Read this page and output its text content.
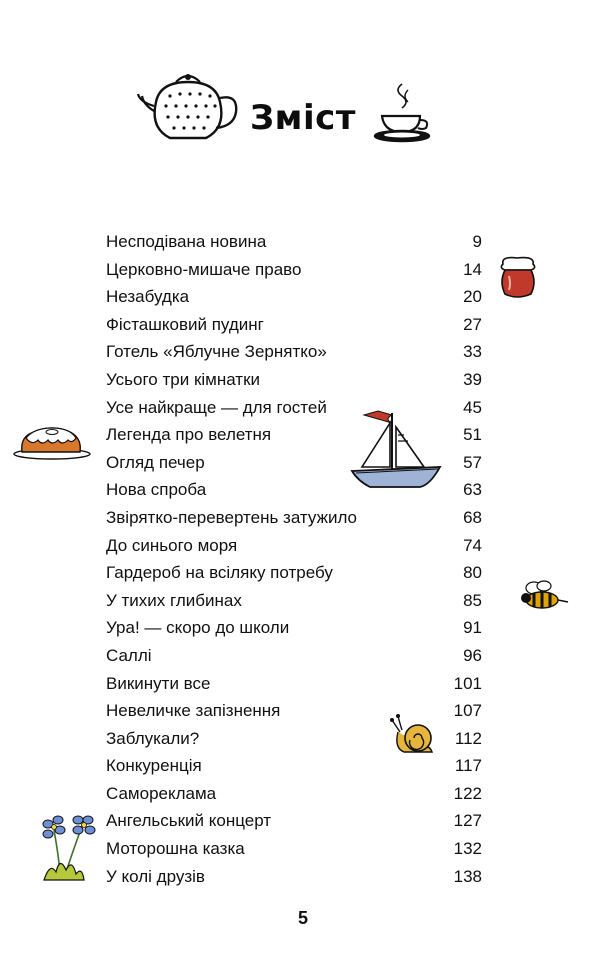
Зміст
Несподівана новина	9
Церковно-мишаче право	14
Незабудка	20
Фісташковий пудинг	27
Готель «Яблучне Зернятко»	33
Усього три кімнатки	39
Усе найкраще — для гостей	45
Легенда про велетня	51
Огляд печер	57
Нова спроба	63
Звірятко-перевертень затужило	68
До синього моря	74
Гардероб на всіляку потребу	80
У тихих глибинах	85
Ура! — скоро до школи	91
Саллі	96
Викинути все	101
Невеличке запізнення	107
Заблукали?	112
Конкуренція	117
Самореклама	122
Ангельський концерт	127
Моторошна казка	132
У колі друзів	138
5
